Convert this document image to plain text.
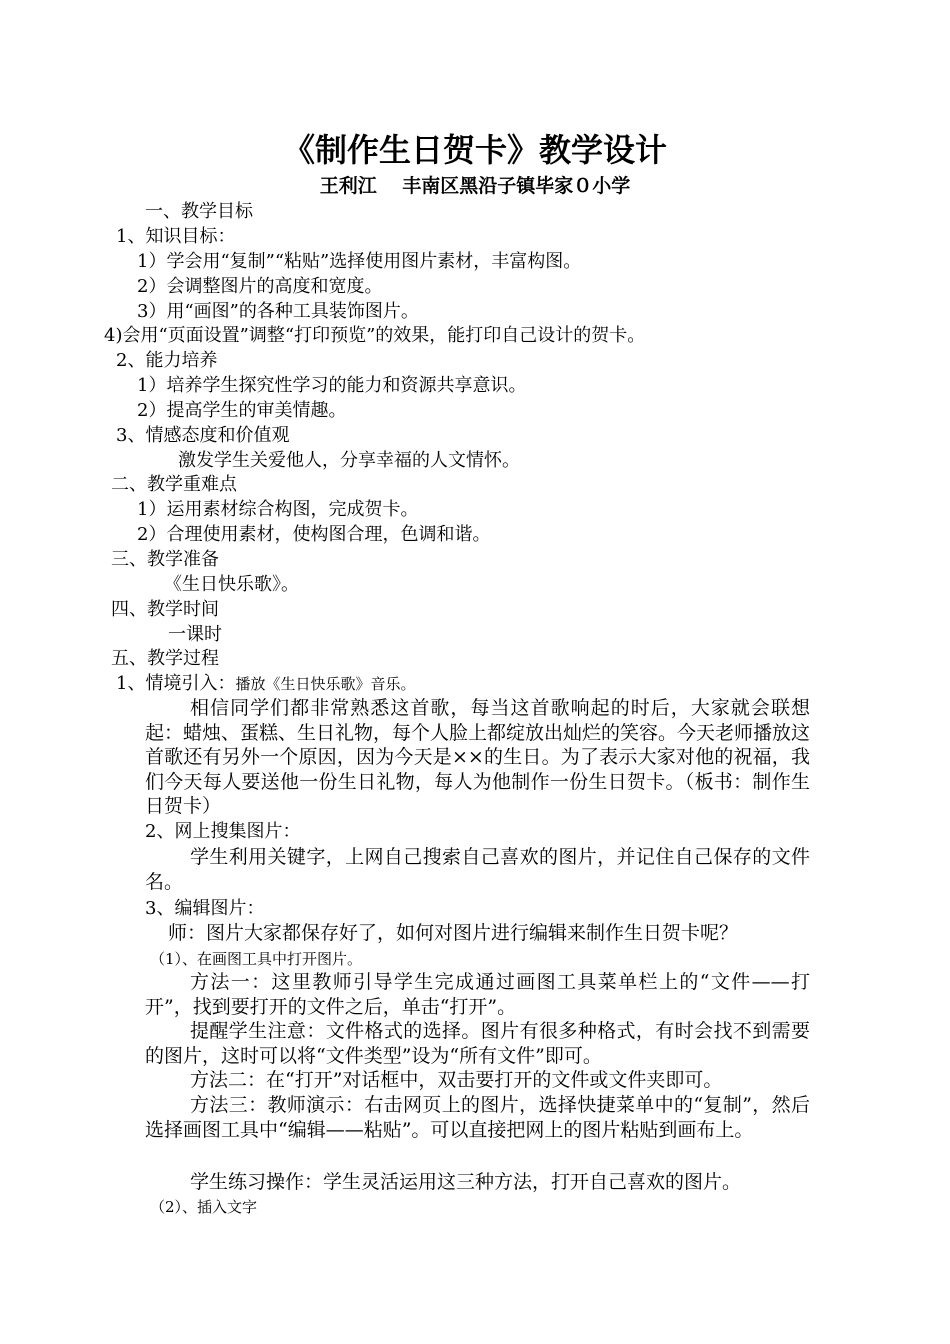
《制作生日贺卡》教学设计
王利江　 丰南区黑沿子镇毕家０小学
一、教学目标
1、知识目标：
1）学会用“复制”“粘贴”选择使用图片素材，丰富构图。
2）会调整图片的高度和宽度。
3）用“画图”的各种工具装饰图片。
4)会用“页面设置”调整“打印预览”的效果，能打印自己设计的贺卡。
2、能力培养
1）培养学生探究性学习的能力和资源共享意识。
2）提高学生的审美情趣。
3、情感态度和价值观
激发学生关爱他人，分享幸福的人文情怀。
二、教学重难点
1）运用素材综合构图，完成贺卡。
2）合理使用素材，使构图合理，色调和谐。
三、教学准备
《生日快乐歌》。
四、教学时间
一课时
五、教学过程
1、情境引入：播放《生日快乐歌》音乐。
相信同学们都非常熟悉这首歌，每当这首歌响起的时后，大家就会联想起：蜡烛、蛋糕、生日礼物，每个人脸上都绽放出灿烂的笑容。今天老师播放这首歌还有另外一个原因，因为今天是××的生日。为了表示大家对他的祝福，我们今天每人要送他一份生日礼物，每人为他制作一份生日贺卡。（板书：制作生日贺卡）
2、网上搜集图片：
学生利用关键字，上网自己搜索自己喜欢的图片，并记住自己保存的文件名。
3、编辑图片：
师：图片大家都保存好了，如何对图片进行编辑来制作生日贺卡呢？
（1）、在画图工具中打开图片。
方法一：这里教师引导学生完成通过画图工具菜单栏上的“文件——打开”，找到要打开的文件之后，单击“打开”。
提醒学生注意：文件格式的选择。图片有很多种格式，有时会找不到需要的图片，这时可以将“文件类型”设为“所有文件”即可。
方法二：在“打开”对话框中，双击要打开的文件或文件夹即可。
方法三：教师演示：右击网页上的图片，选择快捷菜单中的“复制”，然后选择画图工具中“编辑——粘贴”。可以直接把网上的图片粘贴到画布上。
学生练习操作：学生灵活运用这三种方法，打开自己喜欢的图片。
（2）、插入文字
